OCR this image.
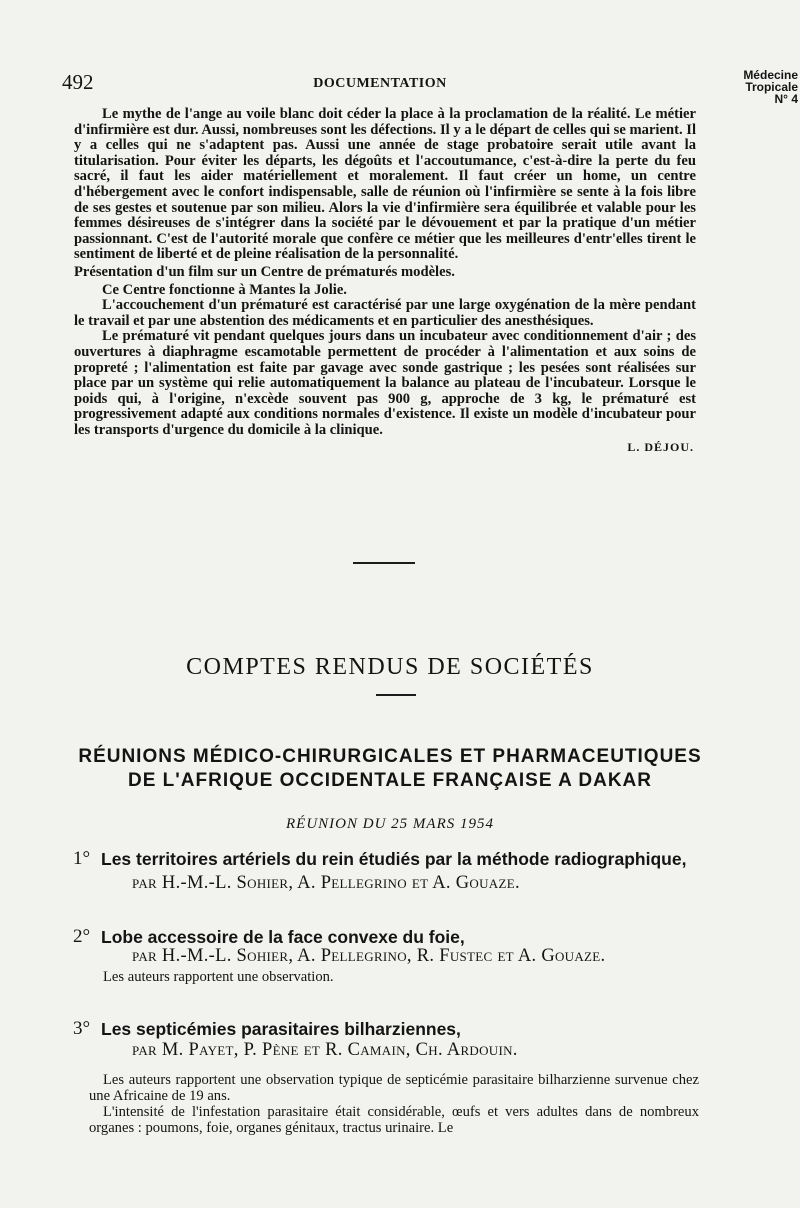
492	DOCUMENTATION
Médecine
Tropicale
N° 4

Le mythe de l'ange au voile blanc doit céder la place à la proclamation de la réalité. Le métier d'infirmière est dur. Aussi, nombreuses sont les défections. Il y a le départ de celles qui se marient. Il y a celles qui ne s'adaptent pas. Aussi une année de stage probatoire serait utile avant la titularisation. Pour éviter les départs, les dégoûts et l'accoutumance, c'est-à-dire la perte du feu sacré, il faut les aider matériellement et moralement. Il faut créer un home, un centre d'hébergement avec le confort indispensable, salle de réunion où l'infirmière se sente à la fois libre de ses gestes et soutenue par son milieu. Alors la vie d'infirmière sera équilibrée et valable pour les femmes désireuses de s'intégrer dans la société par le dévouement et par la pratique d'un métier passionnant. C'est de l'autorité morale que confère ce métier que les meilleures d'entr'elles tirent le sentiment de liberté et de pleine réalisation de la personnalité.

Présentation d'un film sur un Centre de prématurés modèles.

Ce Centre fonctionne à Mantes la Jolie.

L'accouchement d'un prématuré est caractérisé par une large oxygénation de la mère pendant le travail et par une abstention des médicaments et en particulier des anesthésiques.

Le prématuré vit pendant quelques jours dans un incubateur avec conditionnement d'air ; des ouvertures à diaphragme escamotable permettent de procéder à l'alimentation et aux soins de propreté ; l'alimentation est faite par gavage avec sonde gastrique ; les pesées sont réalisées sur place par un système qui relie automatiquement la balance au plateau de l'incubateur. Lorsque le poids qui, à l'origine, n'excède souvent pas 900 g, approche de 3 kg, le prématuré est progressivement adapté aux conditions normales d'existence. Il existe un modèle d'incubateur pour les transports d'urgence du domicile à la clinique.

L. DÉJOU.
COMPTES RENDUS DE SOCIÉTÉS
RÉUNIONS MÉDICO-CHIRURGICALES ET PHARMACEUTIQUES
DE L'AFRIQUE OCCIDENTALE FRANÇAISE A DAKAR
RÉUNION DU 25 MARS 1954
1° Les territoires artériels du rein étudiés par la méthode radiographique,
par H.-M.-L. Sohier, A. Pellegrino et A. Gouaze.
2° Lobe accessoire de la face convexe du foie,
par H.-M.-L. Sohier, A. Pellegrino, R. Fustec et A. Gouaze.
Les auteurs rapportent une observation.
3° Les septicémies parasitaires bilharziennes,
par M. Payet, P. Pène et R. Camain, Ch. Ardouin.

Les auteurs rapportent une observation typique de septicémie parasitaire bilharzienne survenue chez une Africaine de 19 ans.

L'intensité de l'infestation parasitaire était considérable, œufs et vers adultes dans de nombreux organes : poumons, foie, organes génitaux, tractus urinaire. Le
